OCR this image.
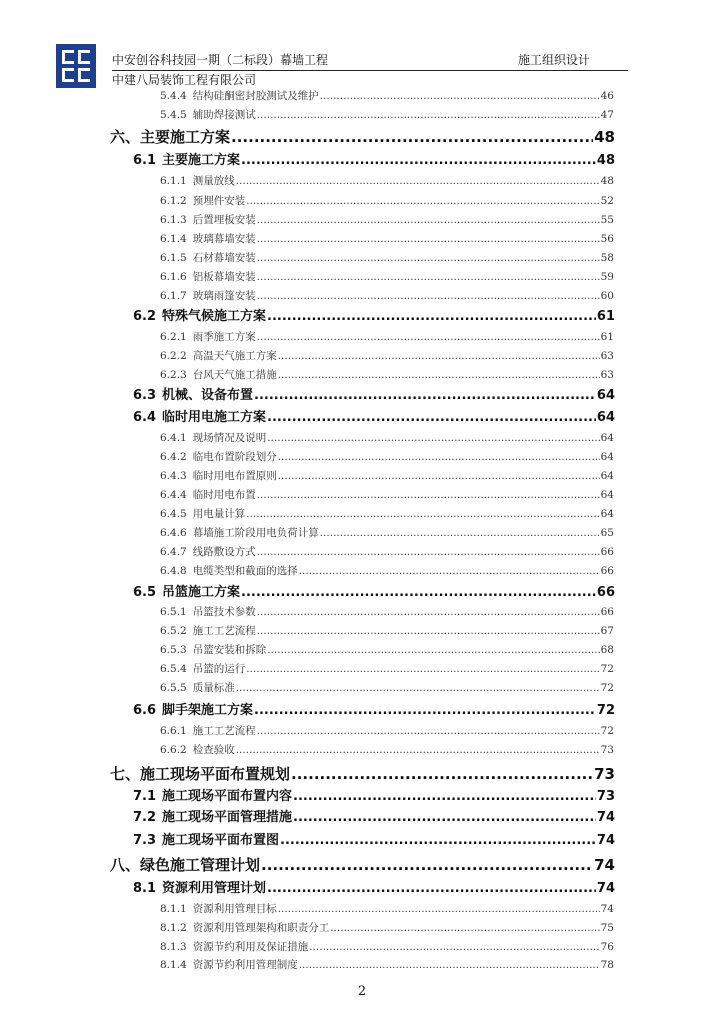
中安创谷科技园一期（二标段）幕墙工程	施工组织设计
中建八局装饰工程有限公司
5.4.4 结构硅酮密封胶测试及维护 .....	46
5.4.5 辅助焊接测试 .....	47
六、 主要施工方案 .....	48
6.1 主要施工方案 .....	48
6.1.1 测量放线 .....	48
6.1.2 预埋件安装 .....	52
6.1.3 后置埋板安装 .....	55
6.1.4 玻璃幕墙安装 .....	56
6.1.5 石材幕墙安装 .....	58
6.1.6 铝板幕墙安装 .....	59
6.1.7 玻璃雨篷安装 .....	60
6.2 特殊气候施工方案 .....	61
6.2.1 雨季施工方案 .....	61
6.2.2 高温天气施工方案 .....	63
6.2.3 台风天气施工措施 .....	63
6.3 机械、设备布置 .....	64
6.4 临时用电施工方案 .....	64
6.4.1 现场情况及说明 .....	64
6.4.2 临电布置阶段划分 .....	64
6.4.3 临时用电布置原则 .....	64
6.4.4 临时用电布置 .....	64
6.4.5 用电量计算 .....	64
6.4.6 幕墙施工阶段用电负荷计算 .....	65
6.4.7 线路敷设方式 .....	66
6.4.8 电缆类型和截面的选择 .....	66
6.5 吊篮施工方案 .....	66
6.5.1 吊篮技术参数 .....	66
6.5.2 施工工艺流程 .....	67
6.5.3 吊篮安装和拆除 .....	68
6.5.4 吊篮的运行 .....	72
6.5.5 质量标准 .....	72
6.6 脚手架施工方案 .....	72
6.6.1 施工工艺流程 .....	72
6.6.2 检查验收 .....	73
七、 施工现场平面布置规划 .....	73
7.1 施工现场平面布置内容 .....	73
7.2 施工现场平面管理措施 .....	74
7.3 施工现场平面布置图 .....	74
八、 绿色施工管理计划 .....	74
8.1 资源利用管理计划 .....	74
8.1.1 资源利用管理目标 .....	74
8.1.2 资源利用管理架构和职责分工 .....	75
8.1.3 资源节约利用及保证措施 .....	76
8.1.4 资源节约利用管理制度 .....	78
2
